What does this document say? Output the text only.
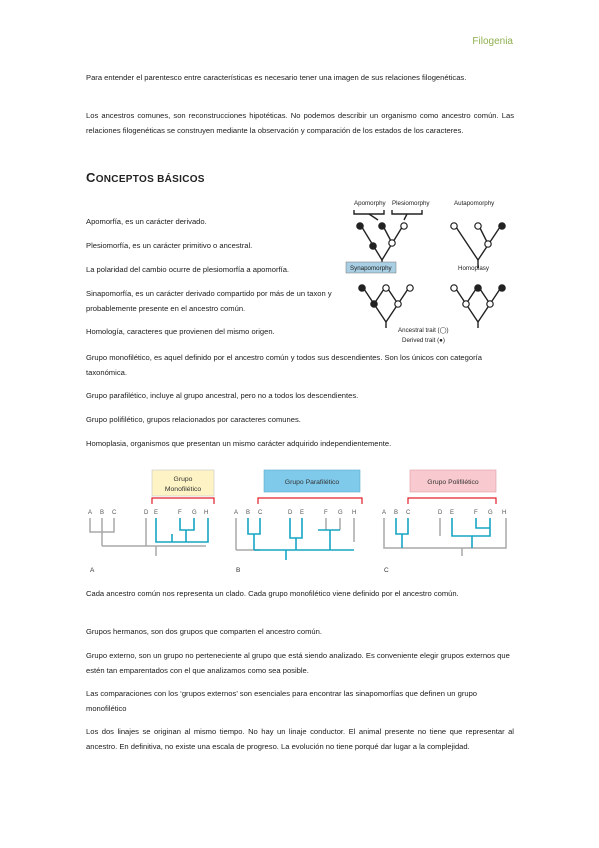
Filogenia

Para entender el parentesco entre características es necesario tener una imagen de sus relaciones filogenéticas.

Los ancestros comunes, son reconstrucciones hipotéticas. No podemos describir un organismo como ancestro común. Las relaciones filogenéticas se construyen mediante la observación y comparación de los estados de los caracteres.

CONCEPTOS BÁSICOS

Apomorfía, es un carácter derivado.

Plesiomorfía, es un carácter primitivo o ancestral.

La polaridad del cambio ocurre de plesiomorfía a apomorfía.

Sinapomorfía, es un carácter derivado compartido por más de un taxon y probablemente presente en el ancestro común.

Homología, caracteres que provienen del mismo origen.

Grupo monofilético, es aquel definido por el ancestro común y todos sus descendientes. Son los únicos con categoría taxonómica.

Grupo parafilético, incluye al grupo ancestral, pero no a todos los descendientes.

Grupo polifilético, grupos relacionados por caracteres comunes.

Homoplasia, organismos que presentan un mismo carácter adquirido independientemente.

Apomorphy Plesiomorphy	Autapomorphy
Synapomorphy	Homoplasy
Ancestral trait (◯)
Derived trait (●)
Grupo
Monofilético
A B C	D E	F G H
A
Grupo Parafilético
A B C	D E	F G H
B
Grupo Polifilético
A B C	D E	F G H
C

Cada ancestro común nos representa un clado. Cada grupo monofilético viene definido por el ancestro común.

Grupos hermanos, son dos grupos que comparten el ancestro común.

Grupo externo, son un grupo no perteneciente al grupo que está siendo analizado. Es conveniente elegir grupos externos que estén tan emparentados con el que analizamos como sea posible.

Las comparaciones con los ‘grupos externos’ son esenciales para encontrar las sinapomorfías que definen un grupo monofilético

Los dos linajes se originan al mismo tiempo. No hay un linaje conductor. El animal presente no tiene que representar al ancestro. En definitiva, no existe una escala de progreso. La evolución no tiene porqué dar lugar a la complejidad.
